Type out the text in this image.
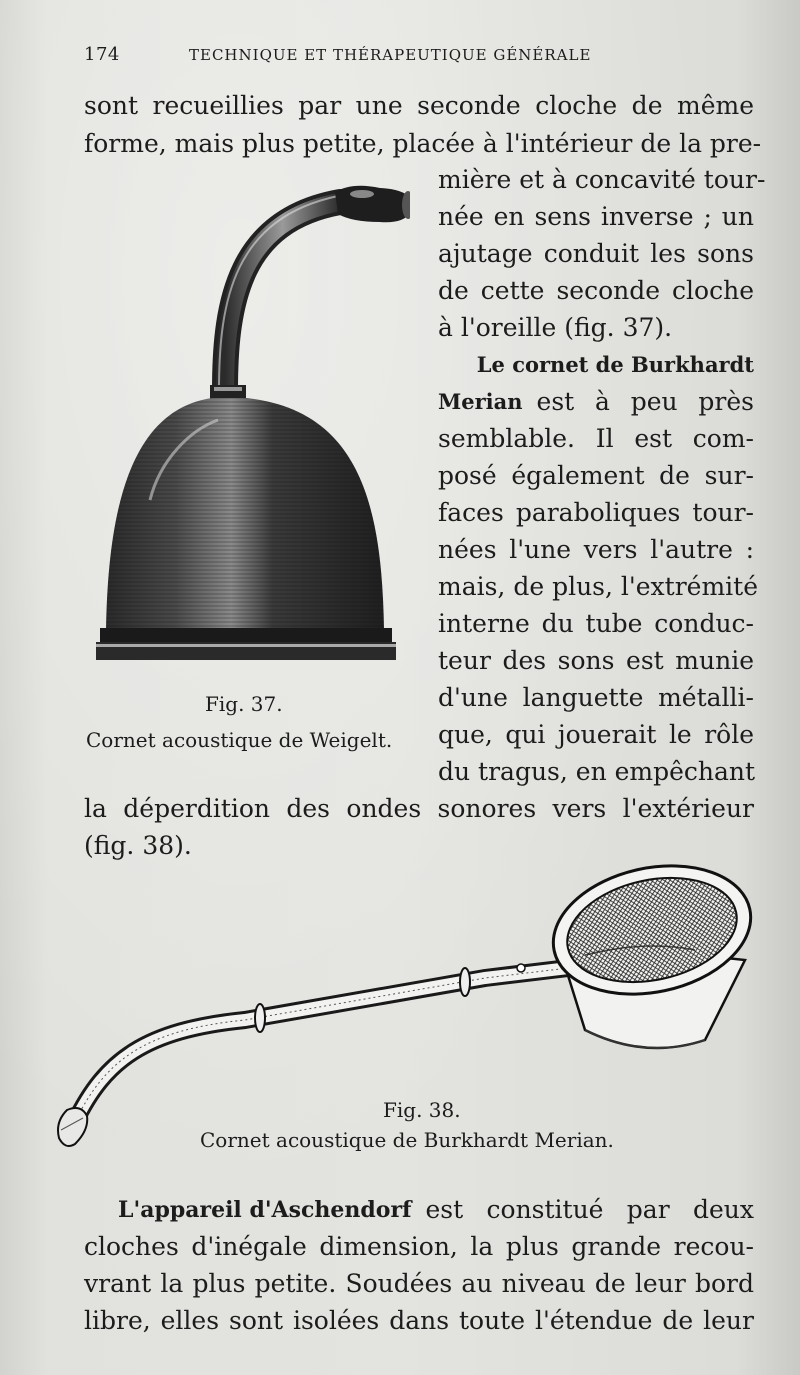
174	TECHNIQUE ET THÉRAPEUTIQUE GÉNÉRALE
sont recueillies par une seconde cloche de même
forme, mais plus petite, placée à l'intérieur de la pre-
mière et à concavité tour-
née en sens inverse ; un
ajutage conduit les sons
de cette seconde cloche
à l'oreille (fig. 37).
Le cornet de Burkhardt
Merian est à peu près
semblable. Il est com-
posé également de sur-
faces paraboliques tour-
nées l'une vers l'autre :
mais, de plus, l'extrémité
interne du tube conduc-
teur des sons est munie
d'une languette métalli-
que, qui jouerait le rôle
du tragus, en empêchant
la déperdition des ondes sonores vers l'extérieur
(fig. 38).
Fig. 37.
Cornet acoustique de Weigelt.
Fig. 38.
Cornet acoustique de Burkhardt Merian.
L'appareil d'Aschendorf est constitué par deux
cloches d'inégale dimension, la plus grande recou-
vrant la plus petite. Soudées au niveau de leur bord
libre, elles sont isolées dans toute l'étendue de leur
